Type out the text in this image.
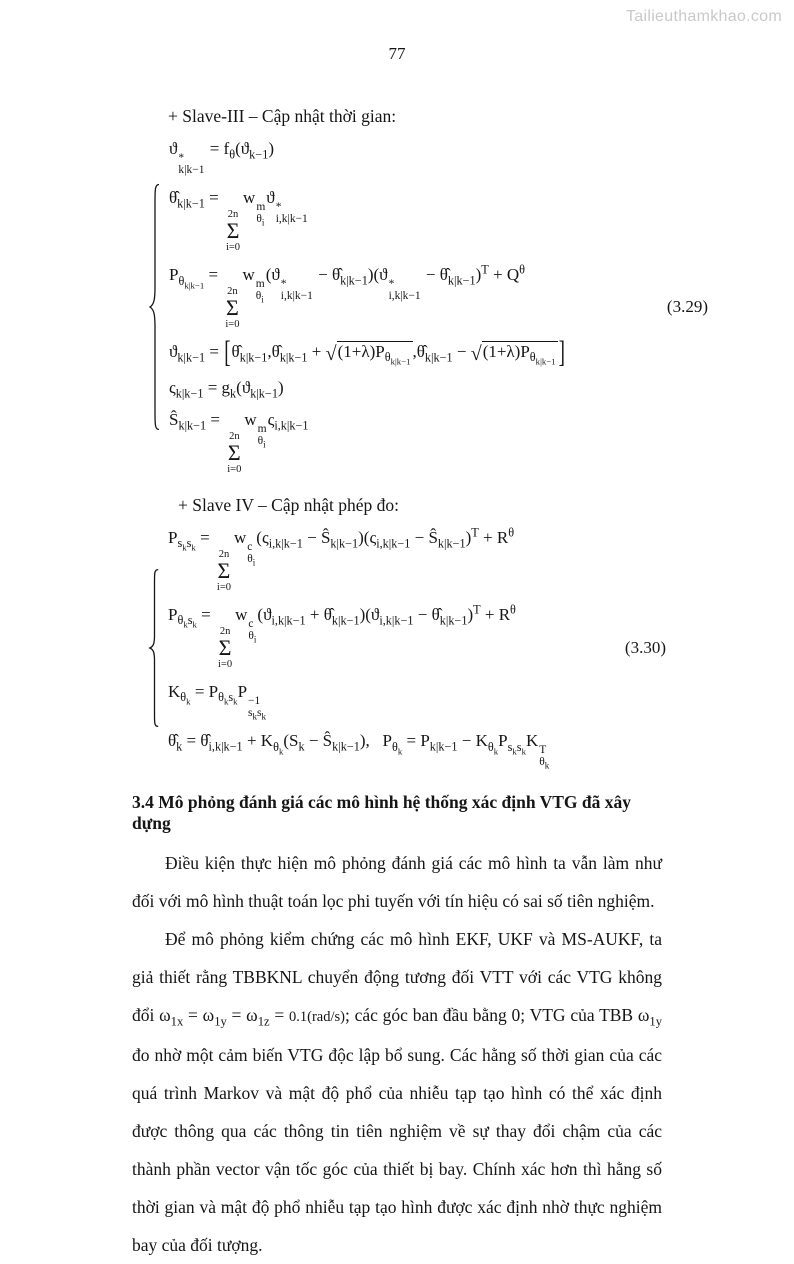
Tailieuthamkhao.com
77
+ Slave-III – Cập nhật thời gian:
ϑ *
k|k−1
= $f_\theta(ϑ_{k-1})$
$\thetâ_{k|k-1}$ =
2n
Σ
i=0
w m
$\theta_i$
ϑ *
i,k|k−1
$P_{\theta_{k|k-1}}$ =
2n
Σ
i=0
w m
$\theta_i$
(ϑ *
i,k|k−1
− $\thetâ_{k|k-1})(ϑ$ *
i,k|k−1
− $\thetâ_{k|k-1})^T + Q^\theta$
$ϑ_{k|k-1}$ = [$\thetâ_{k|k-1},\thetâ_{k|k-1}$ + $√(1+\lambda)P_{\theta_{k|k-1}},\thetâ_{k|k-1} - √(1+\lambda)P_{\theta_{k|k-1}}$ ]
$\varsigma_{k|k-1} = g_k(ϑ_{k|k-1})$
$Ŝ_{k|k-1}$ =
2n
Σ
i=0
w m
$\theta_i$
$\varsigma_{i,k|k-1}$
(3.29)
+ Slave IV – Cập nhật phép đo:
$P_{s_ks_k}$ =
2n
Σ
i=0
w c
$\theta_i$
($\varsigma_{i,k|k-1}$ − $Ŝ_{k|k-1})(\varsigma_{i,k|k-1}$ − $Ŝ_{k|k-1})^T + R^\theta$
$P_{\theta_ks_k}$ =
2n
Σ
i=0
w c
$\theta_i$
($ϑ_{i,k|k-1}$ + $\thetâ_{k|k-1})(ϑ_{i,k|k-1}$ − $\thetâ_{k|k-1})^T + R^\theta$
$K_{\theta_k} = P_{\theta_ks_k}P -1$
$s_ks_k$
$\thetâ_k$ = $\thetâ_{i,k|k-1} + K_{\theta_k}(S_k$ − $Ŝ_{k|k-1}$),   $P_{\theta_k} = P_{k|k-1} - K_{\theta_k}P_{s_ks_k}K$ T
$\theta_k$
(3.30)
3.4 Mô phỏng đánh giá các mô hình hệ thống xác định VTG đã xây dựng

Điều kiện thực hiện mô phỏng đánh giá các mô hình ta vẫn làm như đối với mô hình thuật toán lọc phi tuyến với tín hiệu có sai số tiên nghiệm.

Để mô phỏng kiểm chứng các mô hình EKF, UKF và MS-AUKF, ta giả thiết rằng TBBKNL chuyển động tương đối VTT với các VTG không đổi $\omega_{1x} = \omega_{1y} = \omega_{1z} = 0.1(rad/s)$; các góc ban đầu bằng 0; VTG của TBB $\omega_{1y}$ đo nhờ một cảm biến VTG độc lập bổ sung. Các hằng số thời gian của các quá trình Markov và mật độ phổ của nhiễu tạp tạo hình có thể xác định được thông qua các thông tin tiên nghiệm về sự thay đổi chậm của các thành phần vector vận tốc góc của thiết bị bay. Chính xác hơn thì hằng số thời gian và mật độ phổ nhiễu tạp tạo hình được xác định nhờ thực nghiệm bay của đối tượng.
